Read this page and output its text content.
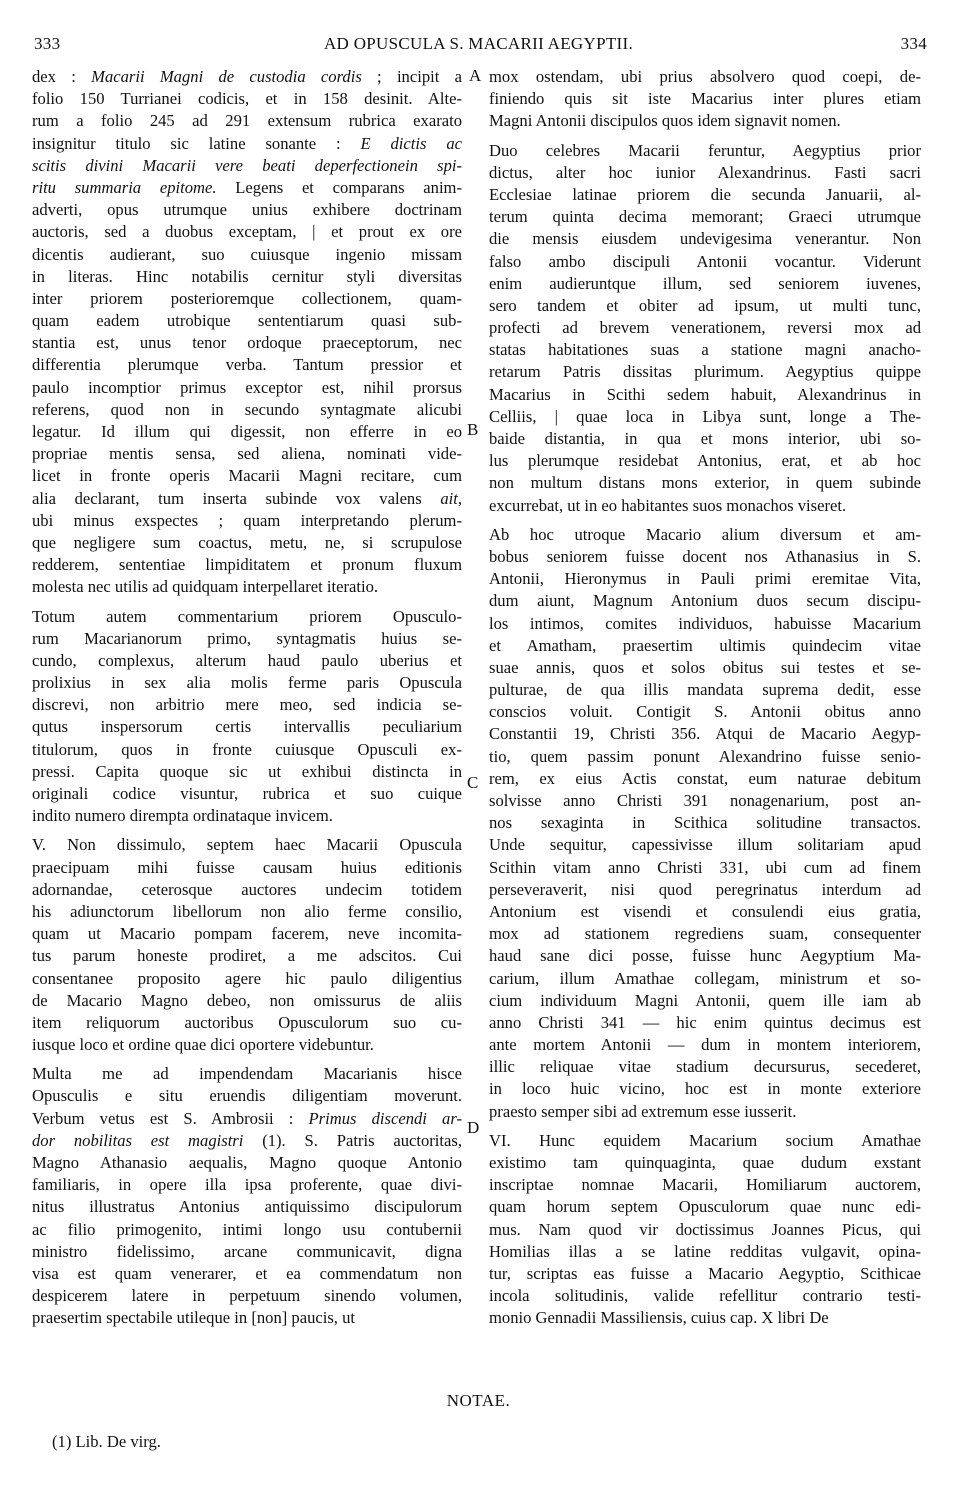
333	AD OPUSCULA S. MACARII AEGYPTII.	334
dex : Macarii Magni de custodia cordis ; incipit a
folio 150 Turrianei codicis, et in 158 desinit. Alte-
rum a folio 245 ad 291 extensum rubrica exarato
insignitur titulo sic latine sonante : E dictis ac
scitis divini Macarii vere beati deperfectionein spi-
ritu summaria epitome. Legens et comparans anim-
adverti, opus utrumque unius exhibere doctrinam
auctoris, sed a duobus exceptam, | et prout ex ore
dicentis audierant, suo cuiusque ingenio missam
in literas. Hinc notabilis cernitur styli diversitas
inter priorem posterioremque collectionem, quam-
quam eadem utrobique sententiarum quasi sub-
stantia est, unus tenor ordoque praeceptorum, nec
differentia plerumque verba. Tantum pressior et
paulo incomptior primus exceptor est, nihil prorsus
referens, quod non in secundo syntagmate alicubi
legatur. Id illum qui digessit, non efferre in eo
propriae mentis sensa, sed aliena, nominati vide-
licet in fronte operis Macarii Magni recitare, cum
alia declarant, tum inserta subinde vox valens ait,
ubi minus exspectes ; quam interpretando plerum-
que negligere sum coactus, metu, ne, si scrupulose
redderem, sententiae limpiditatem et pronum fluxum
molesta nec utilis ad quidquam interpellaret iteratio.
Totum autem commentarium priorem Opusculo-
rum Macarianorum primo, syntagmatis huius se-
cundo, complexus, alterum haud paulo uberius et
prolixius in sex alia molis ferme paris Opuscula
discrevi, non arbitrio mere meo, sed indicia se-
qutus inspersorum certis intervallis peculiarium
titulorum, quos in fronte cuiusque Opusculi ex-
pressi. Capita quoque sic ut exhibui distincta in
originali codice visuntur, rubrica et suo cuique
indito numero dirempta ordinataque invicem.
V. Non dissimulo, septem haec Macarii Opuscula
praecipuam mihi fuisse causam huius editionis
adornandae, ceterosque auctores undecim totidem
his adiunctorum libellorum non alio ferme consilio,
quam ut Macario pompam facerem, neve incomita-
tus parum honeste prodiret, a me adscitos. Cui
consentaneе proposito agere hic paulo diligentius
de Macario Magno debeo, non omissurus de aliis
item reliquorum auctoribus Opusculorum suo cu-
iusque loco et ordine quae dici oportere videbuntur.
Multa me ad impendendam Macarianis hisce
Opusculis e situ eruendis diligentiam moverunt.
Verbum vetus est S. Ambrosii : Primus discendi ar-
dor nobilitas est magistri (1). S. Patris auctoritas,
Magno Athanasio aequalis, Magno quoque Antonio
familiaris, in opere illa ipsa proferente, quae divi-
nitus illustratus Antonius antiquissimo discipulorum
ac filio primogenito, intimi longo usu contubernii
ministro fidelissimo, arcane communicavit, digna
visa est quam venerarer, et ea commendatum non
despicerem latere in perpetuum sinendo volumen,
praesertim spectabile utileque in [non] paucis, ut
mox ostendam, ubi prius absolvero quod coepi, de-
finiendo quis sit iste Macarius inter plures etiam
Magni Antonii discipulos quos idem signavit nomen.
Duo celebres Macarii feruntur, Aegyptius prior
dictus, alter hoc iunior Alexandrinus. Fasti sacri
Ecclesiae latinae priorem die secunda Januarii, al-
terum quinta decima memorant; Graeci utrumque
die mensis eiusdem undevigesima venerantur. Non
falso ambo discipuli Antonii vocantur. Viderunt
enim audieruntque illum, sed seniorem iuvenes,
sero tandem et obiter ad ipsum, ut multi tunc,
profecti ad brevem venerationem, reversi mox ad
statas habitationes suas a statione magni anacho-
retarum Patris dissitas plurimum. Aegyptius quippe
Macarius in Scithi sedem habuit, Alexandrinus in
Celliis, | quae loca in Libya sunt, longe a The-
baide distantia, in qua et mons interior, ubi so-
lus plerumque residebat Antonius, erat, et ab hoc
non multum distans mons exterior, in quem subinde
excurrebat, ut in eo habitantes suos monachos viseret.
Ab hoc utroque Macario alium diversum et am-
bobus seniorem fuisse docent nos Athanasius in S.
Antonii, Hieronymus in Pauli primi eremitae Vita,
dum aiunt, Magnum Antonium duos secum discipu-
los intimos, comites individuos, habuisse Macarium
et Amatham, praesertim ultimis quindecim vitae
suae annis, quos et solos obitus sui testes et se-
pulturae, de qua illis mandata suprema dedit, esse
conscios voluit. Contigit S. Antonii obitus anno
Constantii 19, Christi 356. Atqui de Macario Aegyp-
tio, quem passim ponunt Alexandrino fuisse senio-
rem, ex eius Actis constat, eum naturae debitum
solvisse anno Christi 391 nonagenarium, post an-
nos sexaginta in Scithica solitudine transactos.
Unde sequitur, capessivisse illum solitariam apud
Scithin vitam anno Christi 331, ubi cum ad finem
perseveraverit, nisi quod peregrinatus interdum ad
Antonium est visendi et consulendi eius gratia,
mox ad stationem regrediens suam, consequenter
haud sane dici posse, fuisse hunc Aegyptium Ma-
carium, illum Amathae collegam, ministrum et so-
cium individuum Magni Antonii, quem ille iam ab
anno Christi 341 — hic enim quintus decimus est
ante mortem Antonii — dum in montem interiorem,
illic reliquae vitae stadium decursurus, secederet,
in loco huic vicino, hoc est in monte exteriore
praesto semper sibi ad extremum esse iusserit.
VI. Hunc equidem Macarium socium Amathae
existimo tam quinquaginta, quae dudum exstant
inscriptae nomnae Macarii, Homiliarum auctorem,
quam horum septem Opusculorum quae nunc edi-
mus. Nam quod vir doctissimus Joannes Picus, qui
Homilias illas a se latine redditas vulgavit, opina-
tur, scriptas eas fuisse a Macario Aegyptio, Scithicae
incola solitudinis, valide refellitur contrario testi-
monio Gennadii Massiliensis, cuius cap. X libri De
A
B
C
D
NOTAE.
(1) Lib. De virg.
